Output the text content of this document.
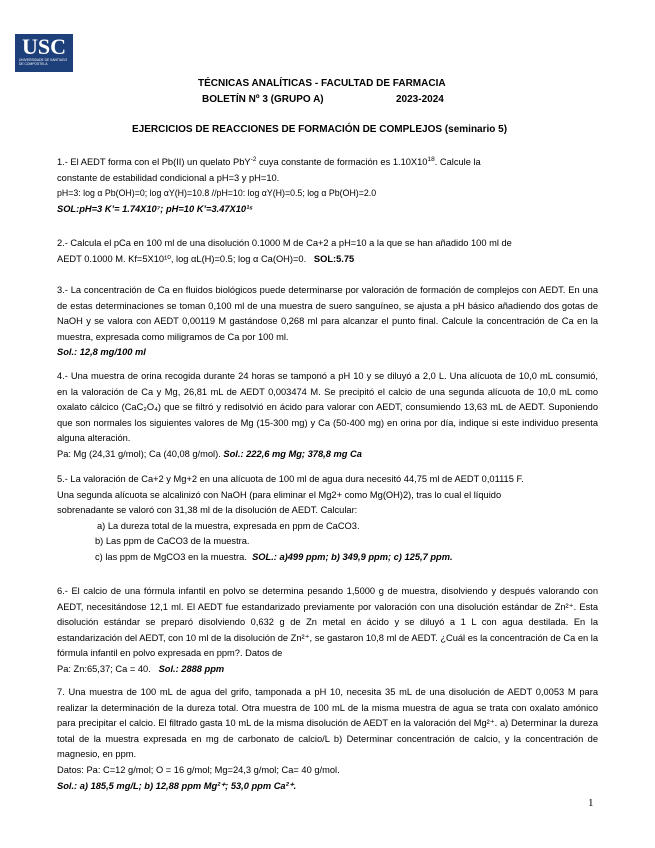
USC
UNIVERSIDADE DE SANTIAGO DE COMPOSTELA
TÉCNICAS ANALÍTICAS - FACULTAD DE FARMACIA
BOLETÍN Nº 3 (GRUPO A)	2023-2024
EJERCICIOS DE REACCIONES DE FORMACIÓN DE COMPLEJOS (seminario 5)
1.- El AEDT forma con el Pb(II) un quelato PbY$^{-2}$ cuya constante de formación es $1.10X10^{18}$. Calcule la
constante de estabilidad condicional a pH=3 y pH=10.
pH=3: log α Pb(OH)=0; log αY(H)=10.8 //pH=10: log αY(H)=0.5; log α Pb(OH)=2.0
SOL:pH=3 K’= 1.74X10⁷; pH=10 K’=3.47X10¹⁵
2.- Calcula el pCa en 100 ml de una disolución 0.1000 M de Ca+2 a pH=10 a la que se han añadido 100 ml de
AEDT 0.1000 M. Kf=5X10¹⁰, log αL(H)=0.5; log α Ca(OH)=0. SOL:5.75
3.- La concentración de Ca en fluidos biológicos puede determinarse por valoración de formación de complejos con AEDT. En una de estas determinaciones se toman 0,100 ml de una muestra de suero sanguíneo, se ajusta a pH básico añadiendo dos gotas de NaOH y se valora con AEDT 0,00119 M gastándose 0,268 ml para alcanzar el punto final. Calcule la concentración de Ca en la muestra, expresada como miligramos de Ca por 100 ml.
Sol.: 12,8 mg/100 ml
4.- Una muestra de orina recogida durante 24 horas se tamponó a pH 10 y se diluyó a 2,0 L. Una alícuota de 10,0 mL consumió, en la valoración de Ca y Mg, 26,81 mL de AEDT 0,003474 M. Se precipitó el calcio de una segunda alícuota de 10,0 mL como oxalato cálcico (CaC₂O₄) que se filtró y redisolvió en ácido para valorar con AEDT, consumiendo 13,63 mL de AEDT. Suponiendo que son normales los siguientes valores de Mg (15-300 mg) y Ca (50-400 mg) en orina por día, indique si este individuo presenta alguna alteración.
Pa: Mg (24,31 g/mol); Ca (40,08 g/mol). Sol.: 222,6 mg Mg; 378,8 mg Ca
5.- La valoración de Ca+2 y Mg+2 en una alícuota de 100 ml de agua dura necesitó 44,75 ml de AEDT 0,01115 F.
Una segunda alícuota se alcalinizó con NaOH (para eliminar el Mg2+ como Mg(OH)2), tras lo cual el líquido
sobrenadante se valoró con 31,38 ml de la disolución de AEDT. Calcular:
a) La dureza total de la muestra, expresada en ppm de CaCO3.
b) Las ppm de CaCO3 de la muestra.
c) las ppm de MgCO3 en la muestra. SOL.: a)499 ppm; b) 349,9 ppm; c) 125,7 ppm.
6.- El calcio de una fórmula infantil en polvo se determina pesando 1,5000 g de muestra, disolviendo y después valorando con AEDT, necesitándose 12,1 ml. El AEDT fue estandarizado previamente por valoración con una disolución estándar de Zn²⁺. Esta disolución estándar se preparó disolviendo 0,632 g de Zn metal en ácido y se diluyó a 1 L con agua destilada. En la estandarización del AEDT, con 10 ml de la disolución de Zn²⁺, se gastaron 10,8 ml de AEDT. ¿Cuál es la concentración de Ca en la fórmula infantil en polvo expresada en ppm?. Datos de
Pa: Zn:65,37; Ca = 40. Sol.: 2888 ppm
7. Una muestra de 100 mL de agua del grifo, tamponada a pH 10, necesita 35 mL de una disolución de AEDT 0,0053 M para realizar la determinación de la dureza total. Otra muestra de 100 mL de la misma muestra de agua se trata con oxalato amónico para precipitar el calcio. El filtrado gasta 10 mL de la misma disolución de AEDT en la valoración del Mg²⁺. a) Determinar la dureza total de la muestra expresada en mg de carbonato de calcio/L b) Determinar concentración de calcio, y la concentración de magnesio, en ppm.
Datos: Pa: C=12 g/mol; O = 16 g/mol; Mg=24,3 g/mol; Ca= 40 g/mol.
Sol.: a) 185,5 mg/L; b) 12,88 ppm Mg²⁺; 53,0 ppm Ca²⁺.
1
